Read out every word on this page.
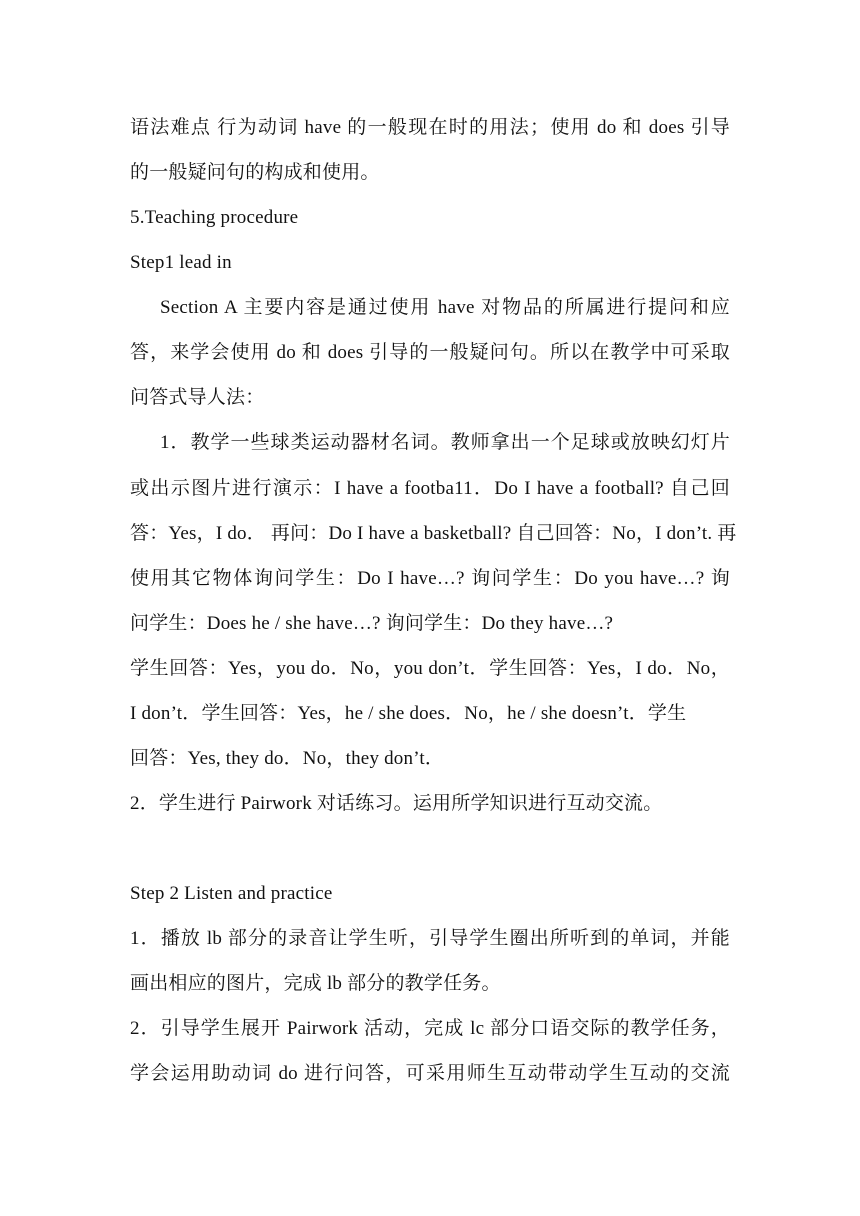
语法难点 行为动词 have 的一般现在时的用法；使用 do 和 does 引导
的一般疑问句的构成和使用。
5.Teaching procedure
Step1 lead in
Section A 主要内容是通过使用 have 对物品的所属进行提问和应
答，来学会使用 do 和 does 引导的一般疑问句。所以在教学中可采取
问答式导人法：
1．教学一些球类运动器材名词。教师拿出一个足球或放映幻灯片
或出示图片进行演示：I have a footba11．Do I have a football? 自己回
答：Yes，I do． 再问：Do I have a basketball? 自己回答：No，I don’t. 再
使用其它物体询问学生：Do I have…? 询问学生：Do you have…? 询
问学生：Does he / she have…? 询问学生：Do they have…?
学生回答：Yes，you do．No，you don’t．学生回答：Yes，I do．No，
I don’t．学生回答：Yes，he / she does．No，he / she doesn’t．学生
回答：Yes, they do．No，they don’t．
2．学生进行 Pairwork 对话练习。运用所学知识进行互动交流。
Step 2 Listen and practice
1．播放 lb 部分的录音让学生听，引导学生圈出所听到的单词，并能
画出相应的图片，完成 lb 部分的教学任务。
2．引导学生展开 Pairwork 活动，完成 lc 部分口语交际的教学任务，
学会运用助动词 do 进行问答，可采用师生互动带动学生互动的交流
